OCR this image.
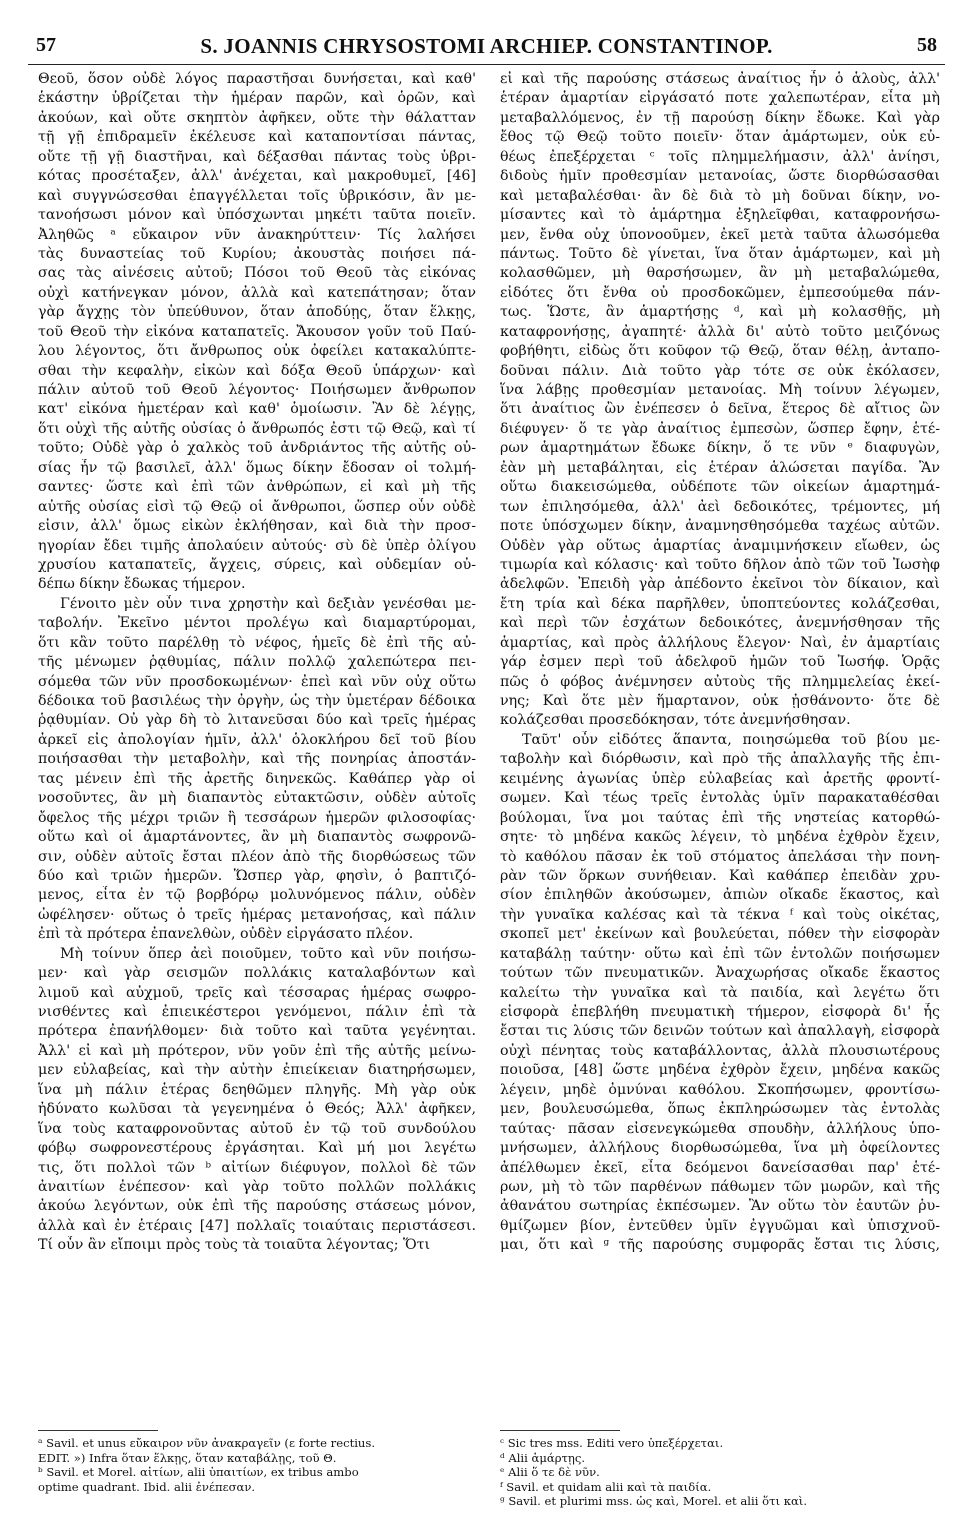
57	S. JOANNIS CHRYSOSTOMI ARCHIEP. CONSTANTINOP.	58
Θεοῦ, ὅσον οὐδὲ λόγος παραστῆσαι δυνήσεται, καὶ καθ'
ἑκάστην ὑβρίζεται τὴν ἡμέραν παρῶν, καὶ ὁρῶν, καὶ
ἀκούων, καὶ οὔτε σκηπτὸν ἀφῆκεν, οὔτε τὴν θάλατταν
τῇ γῇ ἐπιδραμεῖν ἐκέλευσε καὶ καταποντίσαι πάντας,
οὔτε τῇ γῇ διαστῆναι, καὶ δέξασθαι πάντας τοὺς ὑβρι-
κότας προσέταξεν, ἀλλ' ἀνέχεται, καὶ μακροθυμεῖ, [46]
καὶ συγγνώσεσθαι ἐπαγγέλλεται τοῖς ὑβρικόσιν, ἂν με-
τανοήσωσι μόνον καὶ ὑπόσχωνται μηκέτι ταῦτα ποιεῖν.
Ἀληθῶς ᵃ εὔκαιρον νῦν ἀνακηρύττειν· Τίς λαλήσει
τὰς δυναστείας τοῦ Κυρίου; ἀκουστὰς ποιήσει πά-
σας τὰς αἰνέσεις αὐτοῦ; Πόσοι τοῦ Θεοῦ τὰς εἰκόνας
οὐχὶ κατήνεγκαν μόνον, ἀλλὰ καὶ κατεπάτησαν; ὅταν
γὰρ ἄγχῃς τὸν ὑπεύθυνον, ὅταν ἀποδύῃς, ὅταν ἕλκῃς,
τοῦ Θεοῦ τὴν εἰκόνα καταπατεῖς. Ἄκουσον γοῦν τοῦ Παύ-
λου λέγοντος, ὅτι ἄνθρωπος οὐκ ὀφείλει κατακαλύπτε-
σθαι τὴν κεφαλὴν, εἰκὼν καὶ δόξα Θεοῦ ὑπάρχων· καὶ
πάλιν αὐτοῦ τοῦ Θεοῦ λέγοντος· Ποιήσωμεν ἄνθρωπον
κατ' εἰκόνα ἡμετέραν καὶ καθ' ὁμοίωσιν. Ἂν δὲ λέγῃς,
ὅτι οὐχὶ τῆς αὐτῆς οὐσίας ὁ ἄνθρωπός ἐστι τῷ Θεῷ, καὶ τί
τοῦτο; Οὐδὲ γὰρ ὁ χαλκὸς τοῦ ἀνδριάντος τῆς αὐτῆς οὐ-
σίας ἦν τῷ βασιλεῖ, ἀλλ' ὅμως δίκην ἔδοσαν οἱ τολμή-
σαντες· ὥστε καὶ ἐπὶ τῶν ἀνθρώπων, εἰ καὶ μὴ τῆς
αὐτῆς οὐσίας εἰσὶ τῷ Θεῷ οἱ ἄνθρωποι, ὥσπερ οὖν οὐδὲ
εἰσιν, ἀλλ' ὅμως εἰκὼν ἐκλήθησαν, καὶ διὰ τὴν προσ-
ηγορίαν ἔδει τιμῆς ἀπολαύειν αὐτούς· σὺ δὲ ὑπὲρ ὀλίγου
χρυσίου καταπατεῖς, ἄγχεις, σύρεις, καὶ οὐδεμίαν οὐ-
δέπω δίκην ἔδωκας τήμερον.
Γένοιτο μὲν οὖν τινα χρηστὴν καὶ δεξιὰν γενέσθαι με-
ταβολήν. Ἐκεῖνο μέντοι προλέγω καὶ διαμαρτύρομαι,
ὅτι κἂν τοῦτο παρέλθῃ τὸ νέφος, ἡμεῖς δὲ ἐπὶ τῆς αὐ-
τῆς μένωμεν ῥᾳθυμίας, πάλιν πολλῷ χαλεπώτερα πει-
σόμεθα τῶν νῦν προσδοκωμένων· ἐπεὶ καὶ νῦν οὐχ οὕτω
δέδοικα τοῦ βασιλέως τὴν ὀργὴν, ὡς τὴν ὑμετέραν δέδοικα
ῥᾳθυμίαν. Οὐ γὰρ δὴ τὸ λιτανεῦσαι δύο καὶ τρεῖς ἡμέρας
ἀρκεῖ εἰς ἀπολογίαν ἡμῖν, ἀλλ' ὁλοκλήρου δεῖ τοῦ βίου
ποιήσασθαι τὴν μεταβολὴν, καὶ τῆς πονηρίας ἀποστάν-
τας μένειν ἐπὶ τῆς ἀρετῆς διηνεκῶς. Καθάπερ γὰρ οἱ
νοσοῦντες, ἂν μὴ διαπαντὸς εὐτακτῶσιν, οὐδὲν αὐτοῖς
ὄφελος τῆς μέχρι τριῶν ἢ τεσσάρων ἡμερῶν φιλοσοφίας·
οὕτω καὶ οἱ ἁμαρτάνοντες, ἂν μὴ διαπαντὸς σωφρονῶ-
σιν, οὐδὲν αὐτοῖς ἔσται πλέον ἀπὸ τῆς διορθώσεως τῶν
δύο καὶ τριῶν ἡμερῶν. Ὥσπερ γὰρ, φησὶν, ὁ βαπτιζό-
μενος, εἶτα ἐν τῷ βορβόρῳ μολυνόμενος πάλιν, οὐδὲν
ὠφέλησεν· οὕτως ὁ τρεῖς ἡμέρας μετανοήσας, καὶ πάλιν
ἐπὶ τὰ πρότερα ἐπανελθὼν, οὐδὲν εἰργάσατο πλέον.
Μὴ τοίνυν ὅπερ ἀεὶ ποιοῦμεν, τοῦτο καὶ νῦν ποιήσω-
μεν· καὶ γὰρ σεισμῶν πολλάκις καταλαβόντων καὶ
λιμοῦ καὶ αὐχμοῦ, τρεῖς καὶ τέσσαρας ἡμέρας σωφρο-
νισθέντες καὶ ἐπιεικέστεροι γενόμενοι, πάλιν ἐπὶ τὰ
πρότερα ἐπανήλθομεν· διὰ τοῦτο καὶ ταῦτα γεγένηται.
Ἀλλ' εἰ καὶ μὴ πρότερον, νῦν γοῦν ἐπὶ τῆς αὐτῆς μείνω-
μεν εὐλαβείας, καὶ τὴν αὐτὴν ἐπιείκειαν διατηρήσωμεν,
ἵνα μὴ πάλιν ἑτέρας δεηθῶμεν πληγῆς. Μὴ γὰρ οὐκ
ἠδύνατο κωλῦσαι τὰ γεγενημένα ὁ Θεός; Ἀλλ' ἀφῆκεν,
ἵνα τοὺς καταφρονοῦντας αὐτοῦ ἐν τῷ τοῦ συνδούλου
φόβῳ σωφρονεστέρους ἐργάσηται. Καὶ μή μοι λεγέτω
τις, ὅτι πολλοὶ τῶν ᵇ αἰτίων διέφυγον, πολλοὶ δὲ τῶν
ἀναιτίων ἐνέπεσον· καὶ γὰρ τοῦτο πολλῶν πολλάκις
ἀκούω λεγόντων, οὐκ ἐπὶ τῆς παρούσης στάσεως μόνον,
ἀλλὰ καὶ ἐν ἑτέραις [47] πολλαῖς τοιαύταις περιστάσεσι.
Τί οὖν ἂν εἴποιμι πρὸς τοὺς τὰ τοιαῦτα λέγοντας; Ὅτι
εἰ καὶ τῆς παρούσης στάσεως ἀναίτιος ἦν ὁ ἁλοὺς, ἀλλ'
ἑτέραν ἁμαρτίαν εἰργάσατό ποτε χαλεπωτέραν, εἶτα μὴ
μεταβαλλόμενος, ἐν τῇ παρούσῃ δίκην ἔδωκε. Καὶ γὰρ
ἔθος τῷ Θεῷ τοῦτο ποιεῖν· ὅταν ἁμάρτωμεν, οὐκ εὐ-
θέως ἐπεξέρχεται ᶜ τοῖς πλημμελήμασιν, ἀλλ' ἀνίησι,
διδοὺς ἡμῖν προθεσμίαν μετανοίας, ὥστε διορθώσασθαι
καὶ μεταβαλέσθαι· ἂν δὲ διὰ τὸ μὴ δοῦναι δίκην, νο-
μίσαντες καὶ τὸ ἁμάρτημα ἐξηλεῖφθαι, καταφρονήσω-
μεν, ἔνθα οὐχ ὑπονοοῦμεν, ἐκεῖ μετὰ ταῦτα ἁλωσόμεθα
πάντως. Τοῦτο δὲ γίνεται, ἵνα ὅταν ἁμάρτωμεν, καὶ μὴ
κολασθῶμεν, μὴ θαρσήσωμεν, ἂν μὴ μεταβαλώμεθα,
εἰδότες ὅτι ἔνθα οὐ προσδοκῶμεν, ἐμπεσούμεθα πάν-
τως. Ὥστε, ἂν ἁμαρτήσῃς ᵈ, καὶ μὴ κολασθῇς, μὴ
καταφρονήσῃς, ἀγαπητέ· ἀλλὰ δι' αὐτὸ τοῦτο μειζόνως
φοβήθητι, εἰδὼς ὅτι κοῦφον τῷ Θεῷ, ὅταν θέλῃ, ἀνταπο-
δοῦναι πάλιν. Διὰ τοῦτο γὰρ τότε σε οὐκ ἐκόλασεν,
ἵνα λάβῃς προθεσμίαν μετανοίας. Μὴ τοίνυν λέγωμεν,
ὅτι ἀναίτιος ὢν ἐνέπεσεν ὁ δεῖνα, ἕτερος δὲ αἴτιος ὢν
διέφυγεν· ὅ τε γὰρ ἀναίτιος ἐμπεσὼν, ὥσπερ ἔφην, ἑτέ-
ρων ἁμαρτημάτων ἔδωκε δίκην, ὅ τε νῦν ᵉ διαφυγὼν,
ἐὰν μὴ μεταβάληται, εἰς ἑτέραν ἁλώσεται παγίδα. Ἂν
οὕτω διακεισώμεθα, οὐδέποτε τῶν οἰκείων ἁμαρτημά-
των ἐπιλησόμεθα, ἀλλ' ἀεὶ δεδοικότες, τρέμοντες, μή
ποτε ὑπόσχωμεν δίκην, ἀναμνησθησόμεθα ταχέως αὐτῶν.
Οὐδὲν γὰρ οὕτως ἁμαρτίας ἀναμιμνήσκειν εἴωθεν, ὡς
τιμωρία καὶ κόλασις· καὶ τοῦτο δῆλον ἀπὸ τῶν τοῦ Ἰωσὴφ
ἀδελφῶν. Ἐπειδὴ γὰρ ἀπέδοντο ἐκεῖνοι τὸν δίκαιον, καὶ
ἔτη τρία καὶ δέκα παρῆλθεν, ὑποπτεύοντες κολάζεσθαι,
καὶ περὶ τῶν ἐσχάτων δεδοικότες, ἀνεμνήσθησαν τῆς
ἁμαρτίας, καὶ πρὸς ἀλλήλους ἔλεγον· Ναὶ, ἐν ἁμαρτίαις
γάρ ἐσμεν περὶ τοῦ ἀδελφοῦ ἡμῶν τοῦ Ἰωσήφ. Ὁρᾷς
πῶς ὁ φόβος ἀνέμνησεν αὐτοὺς τῆς πλημμελείας ἐκεί-
νης; Καὶ ὅτε μὲν ἥμαρτανον, οὐκ ᾐσθάνοντο· ὅτε δὲ
κολάζεσθαι προσεδόκησαν, τότε ἀνεμνήσθησαν.
Ταῦτ' οὖν εἰδότες ἅπαντα, ποιησώμεθα τοῦ βίου με-
ταβολὴν καὶ διόρθωσιν, καὶ πρὸ τῆς ἀπαλλαγῆς τῆς ἐπι-
κειμένης ἀγωνίας ὑπὲρ εὐλαβείας καὶ ἀρετῆς φροντί-
σωμεν. Καὶ τέως τρεῖς ἐντολὰς ὑμῖν παρακαταθέσθαι
βούλομαι, ἵνα μοι ταύτας ἐπὶ τῆς νηστείας κατορθώ-
σητε· τὸ μηδένα κακῶς λέγειν, τὸ μηδένα ἐχθρὸν ἔχειν,
τὸ καθόλου πᾶσαν ἐκ τοῦ στόματος ἀπελάσαι τὴν πονη-
ρὰν τῶν ὅρκων συνήθειαν. Καὶ καθάπερ ἐπειδὰν χρυ-
σίον ἐπιληθῶν ἀκούσωμεν, ἀπιὼν οἴκαδε ἕκαστος, καὶ
τὴν γυναῖκα καλέσας καὶ τὰ τέκνα ᶠ καὶ τοὺς οἰκέτας,
σκοπεῖ μετ' ἐκείνων καὶ βουλεύεται, πόθεν τὴν εἰσφορὰν
καταβάλῃ ταύτην· οὕτω καὶ ἐπὶ τῶν ἐντολῶν ποιήσωμεν
τούτων τῶν πνευματικῶν. Ἀναχωρήσας οἴκαδε ἕκαστος
καλείτω τὴν γυναῖκα καὶ τὰ παιδία, καὶ λεγέτω ὅτι
εἰσφορὰ ἐπεβλήθη πνευματικὴ τήμερον, εἰσφορὰ δι' ἧς
ἔσται τις λύσις τῶν δεινῶν τούτων καὶ ἀπαλλαγὴ, εἰσφορὰ
οὐχὶ πένητας τοὺς καταβάλλοντας, ἀλλὰ πλουσιωτέρους
ποιοῦσα, [48] ὥστε μηδένα ἐχθρὸν ἔχειν, μηδένα κακῶς
λέγειν, μηδὲ ὀμνύναι καθόλου. Σκοπήσωμεν, φροντίσω-
μεν, βουλευσώμεθα, ὅπως ἐκπληρώσωμεν τὰς ἐντολὰς
ταύτας· πᾶσαν εἰσενεγκώμεθα σπουδὴν, ἀλλήλους ὑπο-
μνήσωμεν, ἀλλήλους διορθωσώμεθα, ἵνα μὴ ὀφείλοντες
ἀπέλθωμεν ἐκεῖ, εἶτα δεόμενοι δανείσασθαι παρ' ἑτέ-
ρων, μὴ τὸ τῶν παρθένων πάθωμεν τῶν μωρῶν, καὶ τῆς
ἀθανάτου σωτηρίας ἐκπέσωμεν. Ἂν οὕτω τὸν ἑαυτῶν ῥυ-
θμίζωμεν βίον, ἐντεῦθεν ὑμῖν ἐγγυῶμαι καὶ ὑπισχνοῦ-
μαι, ὅτι καὶ ᵍ τῆς παρούσης συμφορᾶς ἔσται τις λύσις,
ᵃ Savil. et unus εὔκαιρον νῦν ἀνακραγεῖν (ε forte rectius.
EDIT. ») Infra ὅταν ἕλκῃς, ὅταν καταβάλῃς, τοῦ Θ.
ᵇ Savil. et Morel. αἰτίων, alii ὑπαιτίων, ex tribus ambo
optime quadrant. Ibid. alii ἐνέπεσαν.
ᶜ Sic tres mss. Editi vero ὑπεξέρχεται.
ᵈ Alii ἁμάρτῃς.
ᵉ Alii ὅ τε δὲ νῦν.
ᶠ Savil. et quidam alii καὶ τὰ παιδία.
ᵍ Savil. et plurimi mss. ὡς καὶ, Morel. et alii ὅτι καὶ.
